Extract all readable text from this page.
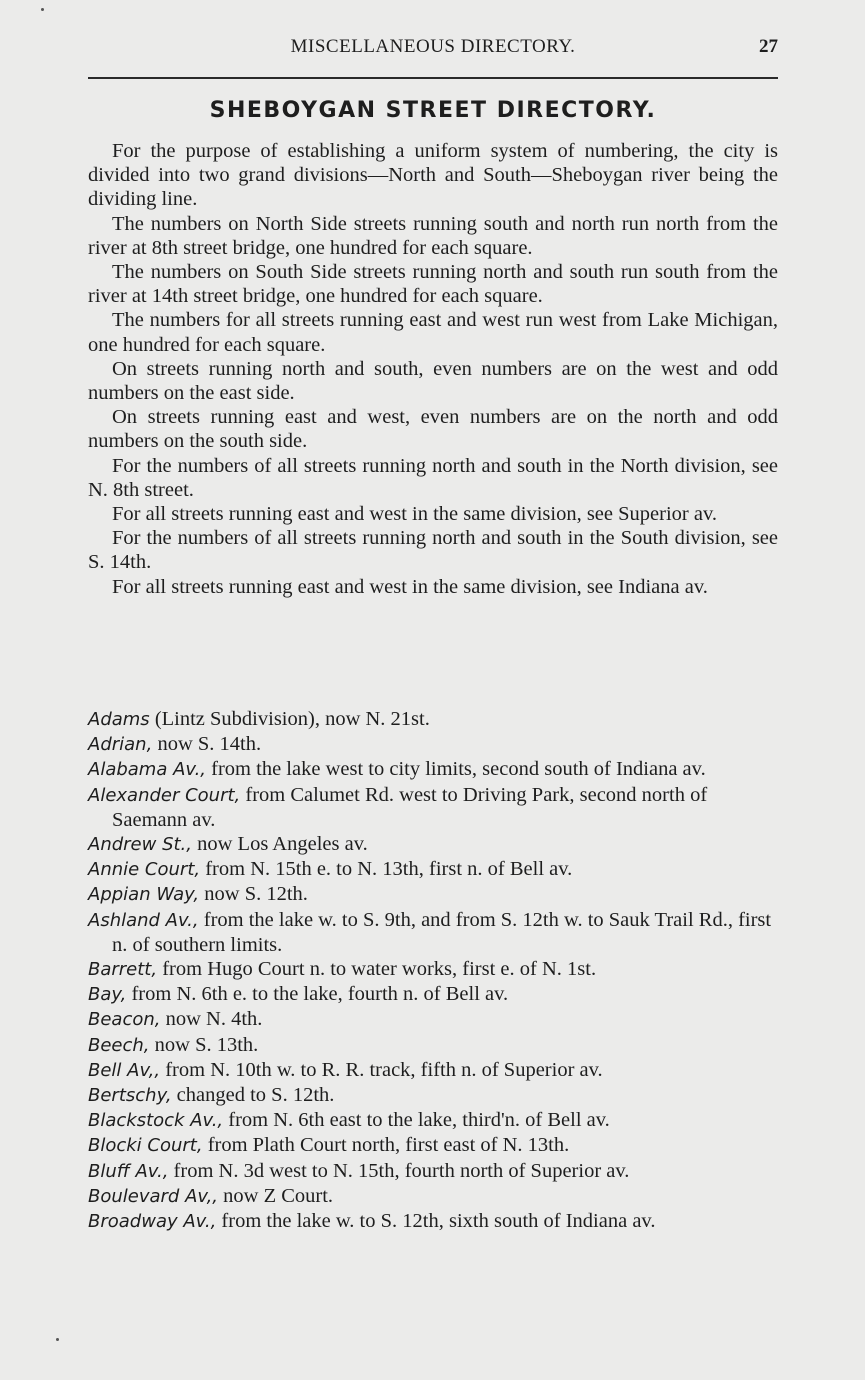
MISCELLANEOUS DIRECTORY.	27
SHEBOYGAN STREET DIRECTORY.

For the purpose of establishing a uniform system of numbering, the city is divided into two grand divisions—North and South—Sheboygan river being the dividing line.

The numbers on North Side streets running south and north run north from the river at 8th street bridge, one hundred for each square.

The numbers on South Side streets running north and south run south from the river at 14th street bridge, one hundred for each square.

The numbers for all streets running east and west run west from Lake Michigan, one hundred for each square.

On streets running north and south, even numbers are on the west and odd numbers on the east side.

On streets running east and west, even numbers are on the north and odd numbers on the south side.

For the numbers of all streets running north and south in the North division, see N. 8th street.

For all streets running east and west in the same division, see Superior av.

For the numbers of all streets running north and south in the South division, see S. 14th.

For all streets running east and west in the same division, see Indiana av.

Adams (Lintz Subdivision), now N. 21st.

Adrian, now S. 14th.

Alabama Av., from the lake west to city limits, second south of Indiana av.

Alexander Court, from Calumet Rd. west to Driving Park, second north of Saemann av.

Andrew St., now Los Angeles av.

Annie Court, from N. 15th e. to N. 13th, first n. of Bell av.

Appian Way, now S. 12th.

Ashland Av., from the lake w. to S. 9th, and from S. 12th w. to Sauk Trail Rd., first n. of southern limits.

Barrett, from Hugo Court n. to water works, first e. of N. 1st.

Bay, from N. 6th e. to the lake, fourth n. of Bell av.

Beacon, now N. 4th.

Beech, now S. 13th.

Bell Av,, from N. 10th w. to R. R. track, fifth n. of Superior av.

Bertschy, changed to S. 12th.

Blackstock Av., from N. 6th east to the lake, third'n. of Bell av.

Blocki Court, from Plath Court north, first east of N. 13th.

Bluff Av., from N. 3d west to N. 15th, fourth north of Superior av.

Boulevard Av,, now Z Court.

Broadway Av., from the lake w. to S. 12th, sixth south of Indiana av.
